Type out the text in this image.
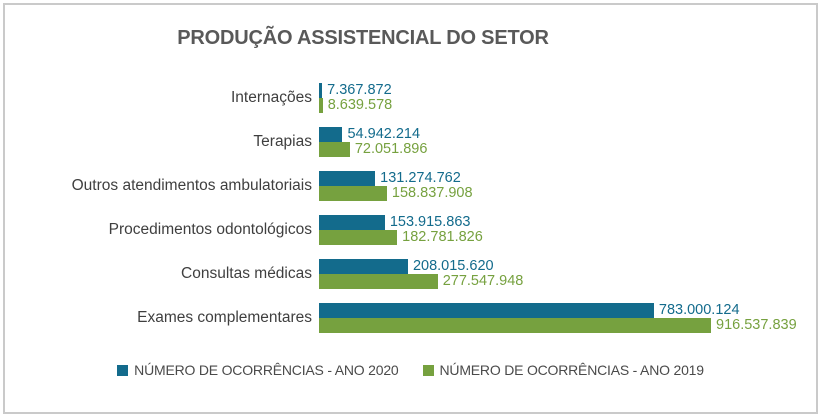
PRODUÇÃO ASSISTENCIAL DO SETOR
Internações	7.367.872
8.639.578
Terapias	54.942.214
72.051.896
Outros atendimentos ambulatoriais	131.274.762
158.837.908
Procedimentos odontológicos	153.915.863
182.781.826
Consultas médicas	208.015.620
277.547.948
Exames complementares	783.000.124
916.537.839
NÚMERO DE OCORRÊNCIAS - ANO 2020	NÚMERO DE OCORRÊNCIAS - ANO 2019
